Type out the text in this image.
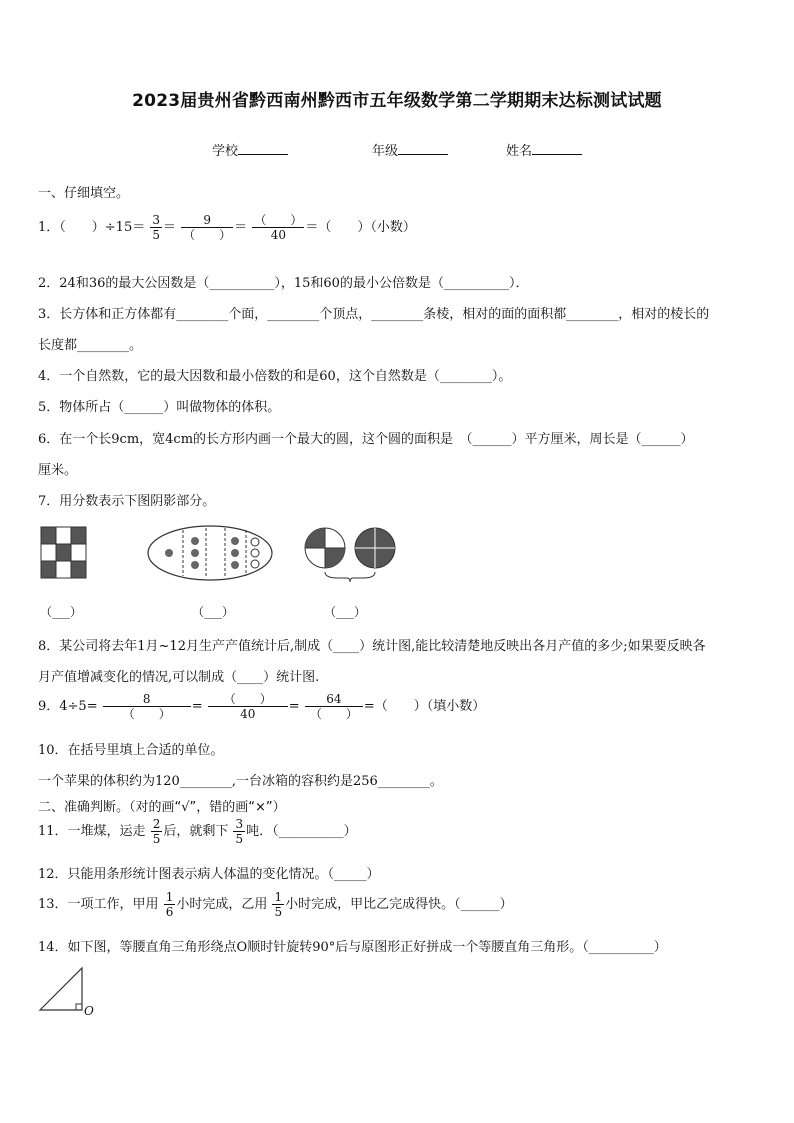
2023届贵州省黔西南州黔西市五年级数学第二学期期末达标测试试题
学校	年级	姓名
一、仔细填空。
1．（　　）$\div 15= \frac{3}{5} = \frac{9}{( )} = \frac{( )}{40}$ ＝（　　）（小数）
2．24和36的最大公因数是（__________），15和60的最小公倍数是（__________）．
3．长方体和正方体都有________个面，________个顶点，________条棱，相对的面的面积都________，相对的棱长的
长度都________。
4．一个自然数，它的最大因数和最小倍数的和是60，这个自然数是（________）。
5．物体所占（______）叫做物体的体积。
6．在一个长9cm，宽4cm的长方形内画一个最大的圆，这个圆的面积是　（______）平方厘米，周长是（______）
厘米。
7．用分数表示下图阴影部分。
（___）	（___）	（___）
8．某公司将去年1月~12月生产产值统计后,制成（____）统计图,能比较清楚地反映出各月产值的多少;如果要反映各
月产值增减变化的情况,可以制成（____）统计图.
9．$4\div 5= \frac{8}{( )} = \frac{( )}{40} = \frac{64}{( )}$ =（　　）（填小数）
10．在括号里填上合适的单位。
一个苹果的体积约为120________,一台冰箱的容积约是256________。
二、准确判断。（对的画“√”，错的画“×”）
11．一堆煤，运走 $\frac{2}{5}$ 后，就剩下 $\frac{3}{5}$ 吨．（__________）
12．只能用条形统计图表示病人体温的变化情况。（_____）
13．一项工作，甲用 $\frac{1}{6}$ 小时完成，乙用 $\frac{1}{5}$ 小时完成，甲比乙完成得快。（______）
14．如下图，等腰直角三角形绕点O顺时针旋转90°后与原图形正好拼成一个等腰直角三角形。（__________）
O
